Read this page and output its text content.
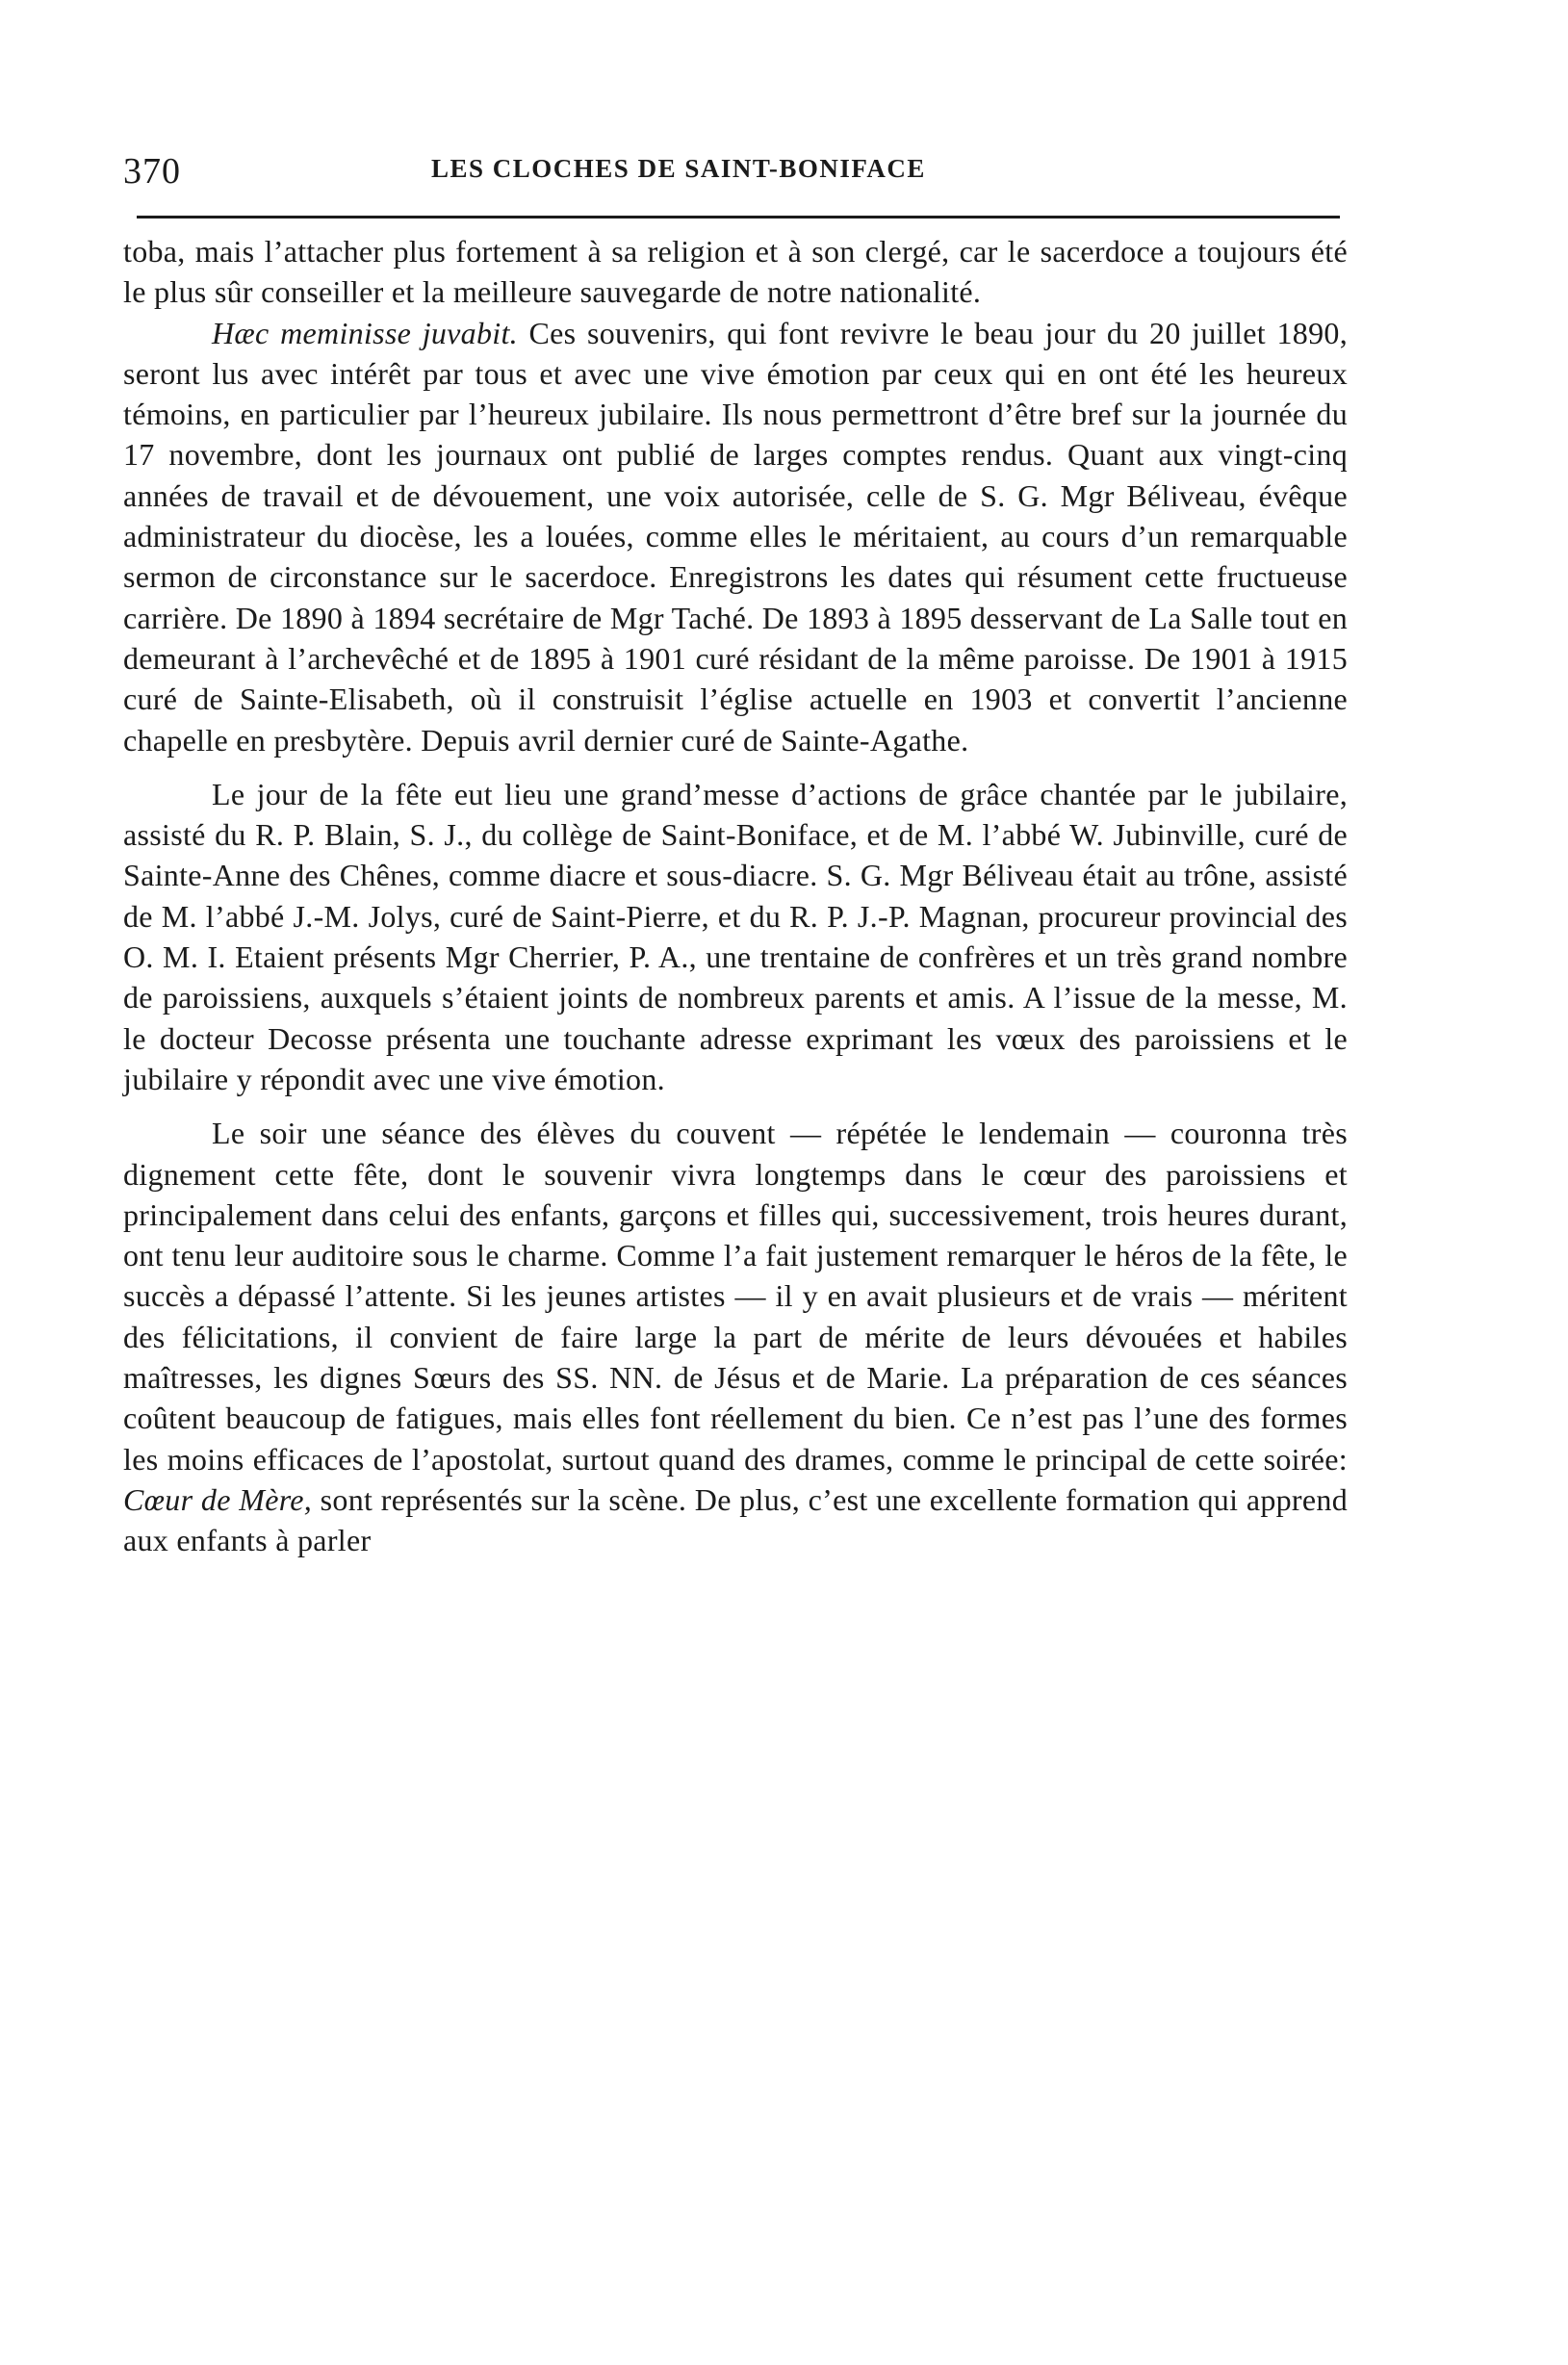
370	LES CLOCHES DE SAINT-BONIFACE

toba, mais l’attacher plus fortement à sa religion et à son clergé, car le sacerdoce a toujours été le plus sûr conseiller et la meilleure sauvegarde de notre nationalité.

Hæc meminisse juvabit. Ces souvenirs, qui font revivre le beau jour du 20 juillet 1890, seront lus avec intérêt par tous et avec une vive émotion par ceux qui en ont été les heureux témoins, en particulier par l’heureux jubilaire. Ils nous permettront d’être bref sur la journée du 17 novembre, dont les journaux ont publié de larges comptes rendus. Quant aux vingt-cinq années de travail et de dévouement, une voix autorisée, celle de S. G. Mgr Béliveau, évêque administrateur du diocèse, les a louées, comme elles le méritaient, au cours d’un remarquable sermon de circonstance sur le sacerdoce. Enregistrons les dates qui résument cette fructueuse carrière. De 1890 à 1894 secrétaire de Mgr Taché. De 1893 à 1895 desservant de La Salle tout en demeurant à l’archevêché et de 1895 à 1901 curé résidant de la même paroisse. De 1901 à 1915 curé de Sainte-Elisabeth, où il construisit l’église actuelle en 1903 et convertit l’ancienne chapelle en presbytère. Depuis avril dernier curé de Sainte-Agathe.

Le jour de la fête eut lieu une grand’messe d’actions de grâce chantée par le jubilaire, assisté du R. P. Blain, S. J., du collège de Saint-Boniface, et de M. l’abbé W. Jubinville, curé de Sainte-Anne des Chênes, comme diacre et sous-diacre. S. G. Mgr Béliveau était au trône, assisté de M. l’abbé J.-M. Jolys, curé de Saint-Pierre, et du R. P. J.-P. Magnan, procureur provincial des O. M. I. Etaient présents Mgr Cherrier, P. A., une trentaine de confrères et un très grand nombre de paroissiens, auxquels s’étaient joints de nombreux parents et amis. A l’issue de la messe, M. le docteur Decosse présenta une touchante adresse exprimant les vœux des paroissiens et le jubilaire y répondit avec une vive émotion.

Le soir une séance des élèves du couvent — répétée le lendemain — couronna très dignement cette fête, dont le souvenir vivra longtemps dans le cœur des paroissiens et principalement dans celui des enfants, garçons et filles qui, successivement, trois heures durant, ont tenu leur auditoire sous le charme. Comme l’a fait justement remarquer le héros de la fête, le succès a dépassé l’attente. Si les jeunes artistes — il y en avait plusieurs et de vrais — méritent des félicitations, il convient de faire large la part de mérite de leurs dévouées et habiles maîtresses, les dignes Sœurs des SS. NN. de Jésus et de Marie. La préparation de ces séances coûtent beaucoup de fatigues, mais elles font réellement du bien. Ce n’est pas l’une des formes les moins efficaces de l’apostolat, surtout quand des drames, comme le principal de cette soirée: Cœur de Mère, sont représentés sur la scène. De plus, c’est une excellente formation qui apprend aux enfants à parler
